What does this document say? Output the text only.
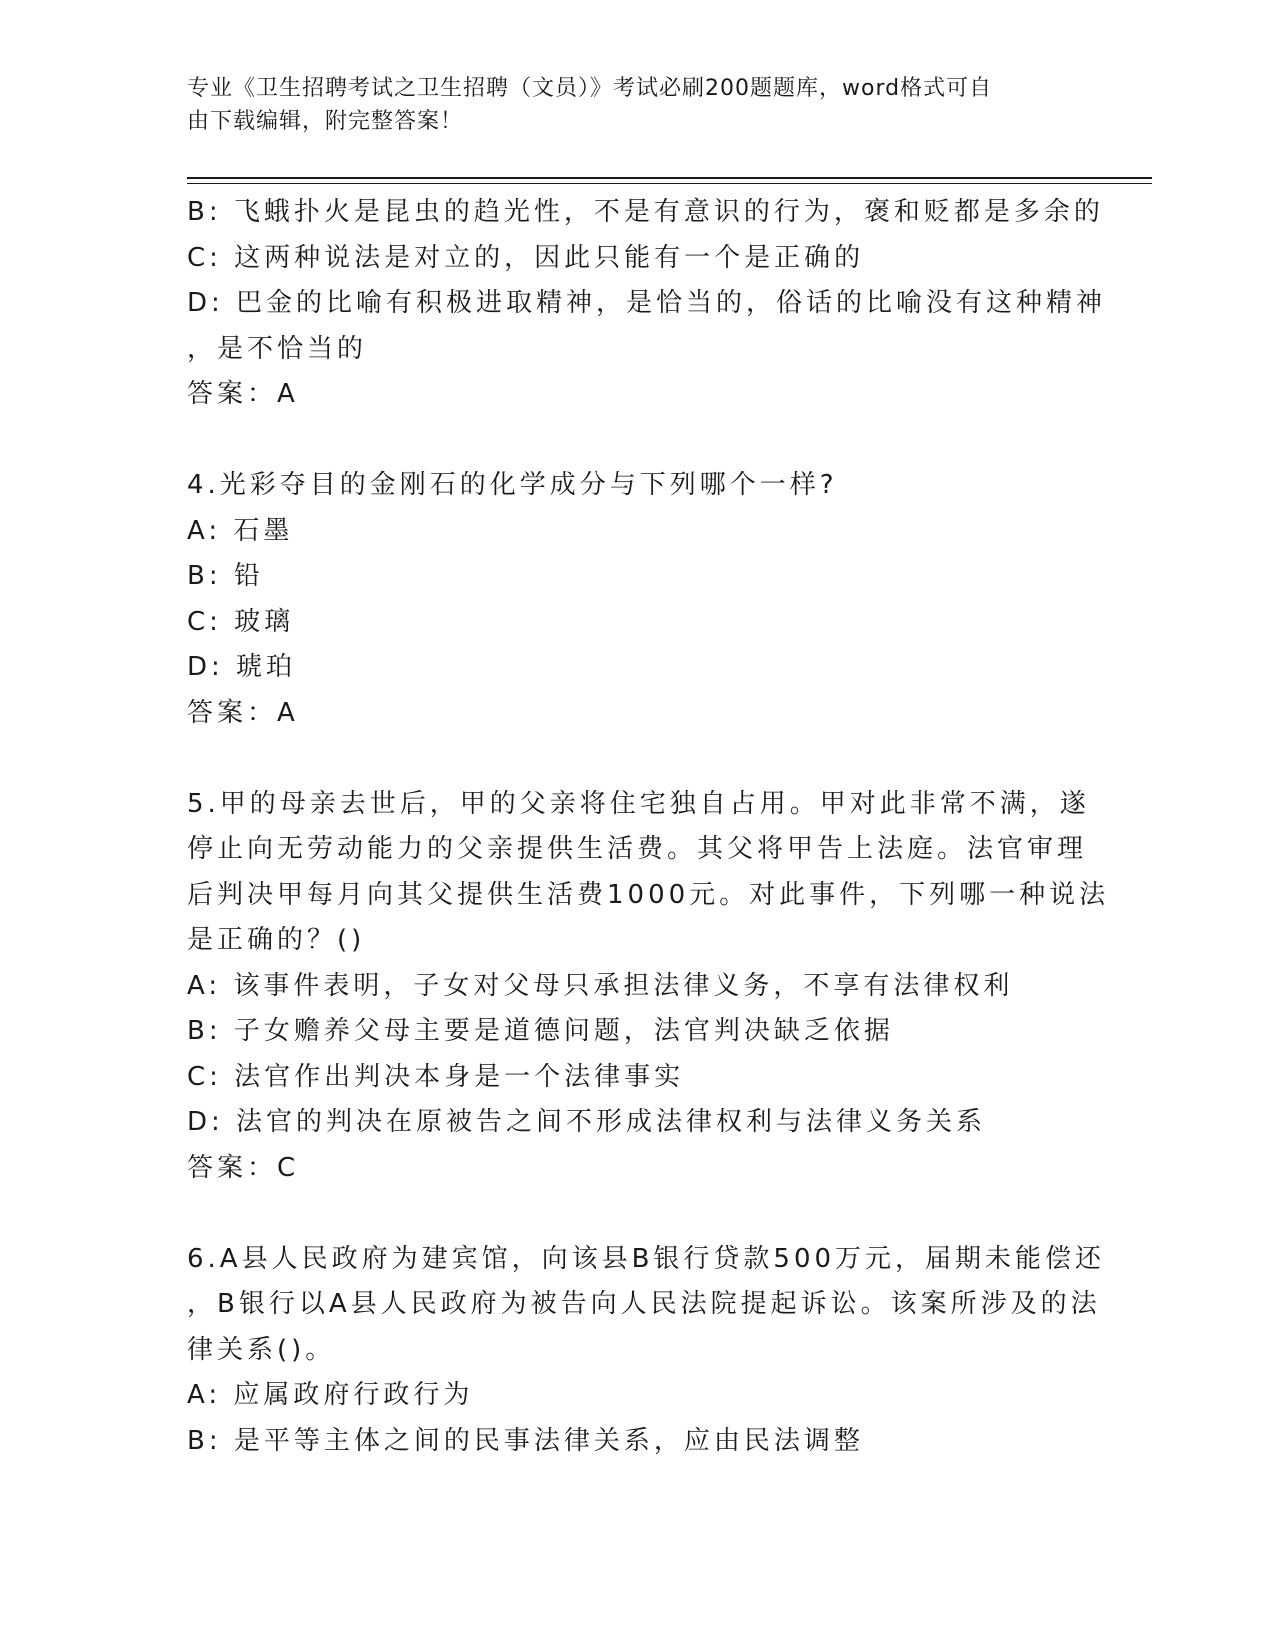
专业《卫生招聘考试之卫生招聘（文员）》考试必刷200题题库，word格式可自
由下载编辑，附完整答案！

B: 飞蛾扑火是昆虫的趋光性，不是有意识的行为，褒和贬都是多余的

C: 这两种说法是对立的，因此只能有一个是正确的

D: 巴金的比喻有积极进取精神，是恰当的，俗话的比喻没有这种精神

，是不恰当的

答案：A

4.光彩夺目的金刚石的化学成分与下列哪个一样?

A: 石墨

B: 铅

C: 玻璃

D: 琥珀

答案：A

5.甲的母亲去世后，甲的父亲将住宅独自占用。甲对此非常不满，遂

停止向无劳动能力的父亲提供生活费。其父将甲告上法庭。法官审理

后判决甲每月向其父提供生活费1000元。对此事件，下列哪一种说法

是正确的？()

A: 该事件表明，子女对父母只承担法律义务，不享有法律权利

B: 子女赡养父母主要是道德问题，法官判决缺乏依据

C: 法官作出判决本身是一个法律事实

D: 法官的判决在原被告之间不形成法律权利与法律义务关系

答案：C

6.A县人民政府为建宾馆，向该县B银行贷款500万元，届期未能偿还

，B银行以A县人民政府为被告向人民法院提起诉讼。该案所涉及的法

律关系()。

A: 应属政府行政行为

B: 是平等主体之间的民事法律关系，应由民法调整
